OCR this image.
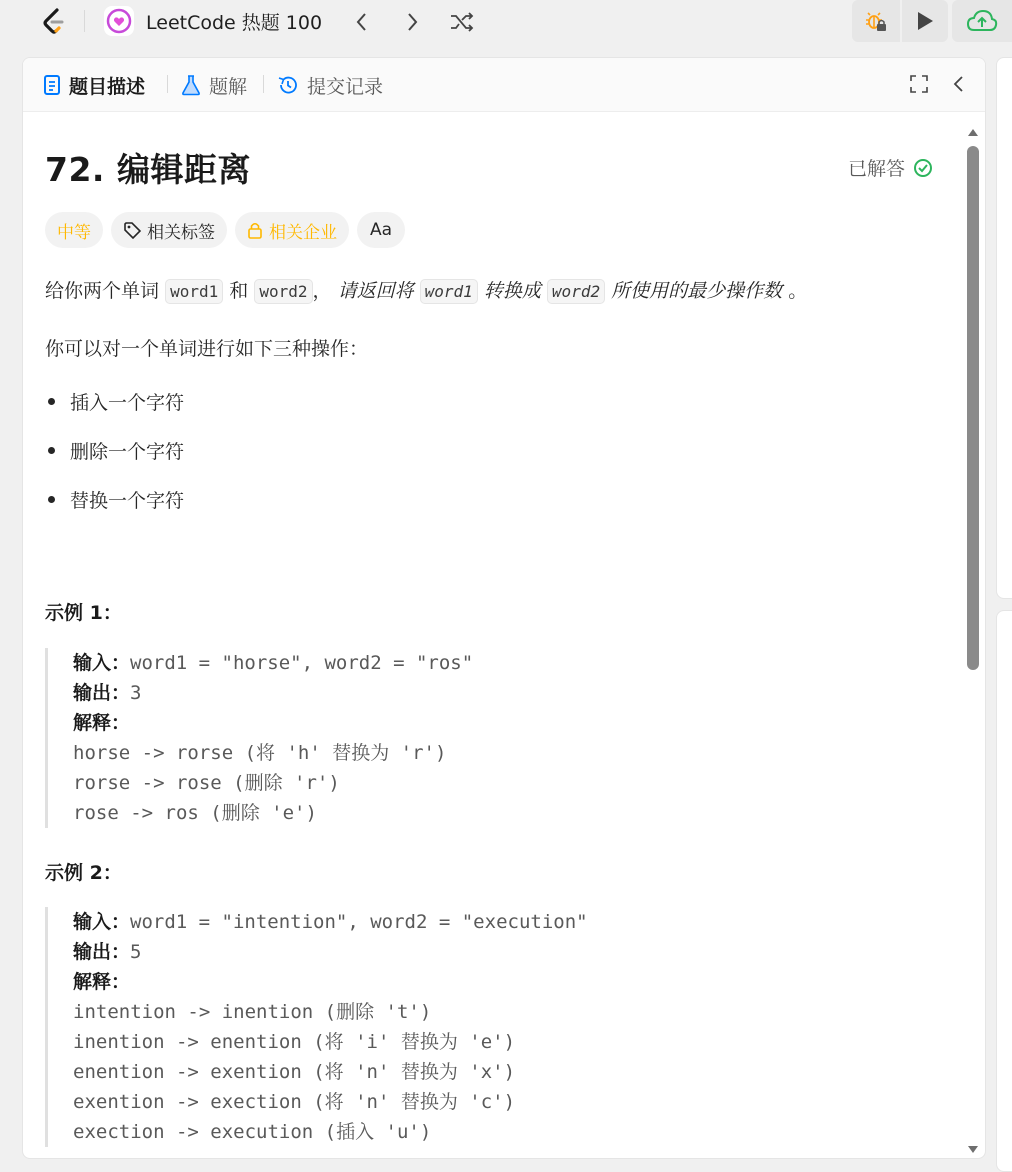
LeetCode 热题 100
题目描述	题解	提交记录
72. 编辑距离	已解答
中等	相关标签	相关企业 Aa
给你两个单词 word1 和 word2 ， 请返回将 word1 转换成 word2 所使用的最少操作数 。
你可以对一个单词进行如下三种操作：
插入一个字符
删除一个字符
替换一个字符
示例 1：
输入：word1 = "horse", word2 = "ros"
输出：3
解释：
horse -> rorse (将 'h' 替换为 'r')
rorse -> rose (删除 'r')
rose -> ros (删除 'e')
示例 2：
输入：word1 = "intention", word2 = "execution"
输出：5
解释：
intention -> inention (删除 't')
inention -> enention (将 'i' 替换为 'e')
enention -> exention (将 'n' 替换为 'x')
exention -> exection (将 'n' 替换为 'c')
exection -> execution (插入 'u')
